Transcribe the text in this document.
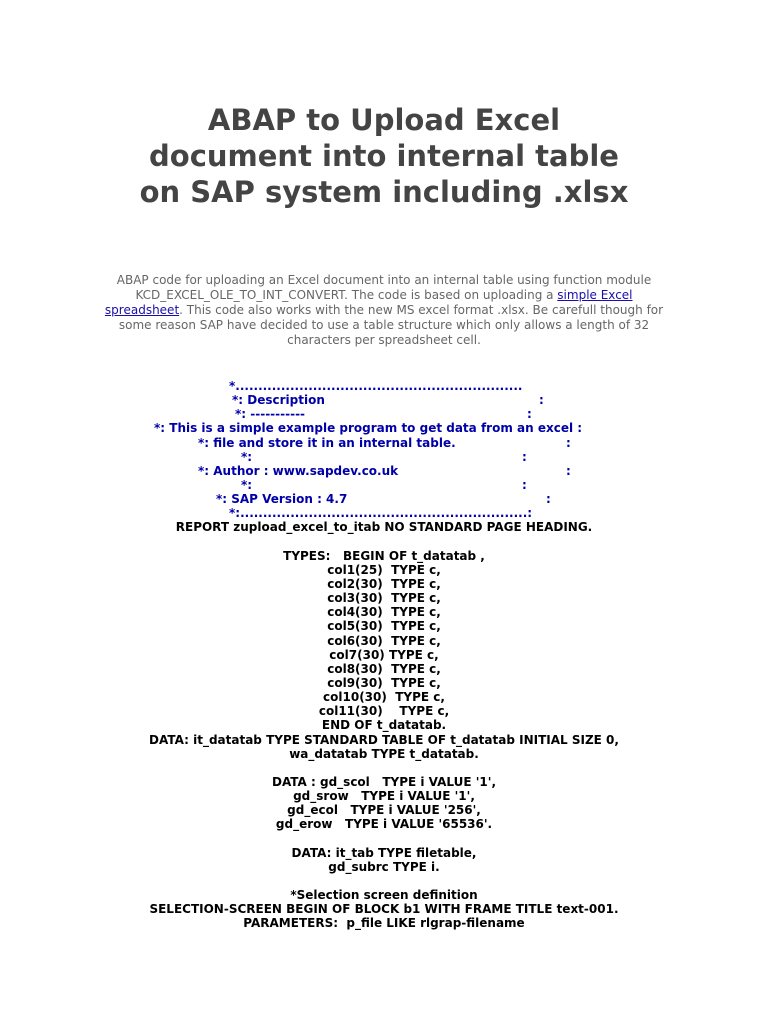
ABAP to Upload Excel
document into internal table
on SAP system including .xlsx

ABAP code for uploading an Excel document into an internal table using function module KCD_EXCEL_OLE_TO_INT_CONVERT. The code is based on uploading a simple Excel spreadsheet. This code also works with the new MS excel format .xlsx. Be carefull though for some reason SAP have decided to use a table structure which only allows a length of 32 characters per spreadsheet cell.

*...............................................................
*: Description	:
*: -----------	:
*: This is a simple example program to get data from an excel :
*: file and store it in an internal table.	:
*:	:
*: Author : www.sapdev.co.uk	:
*:	:
*: SAP Version : 4.7	:
*:...............................................................:
REPORT zupload_excel_to_itab NO STANDARD PAGE HEADING.
TYPES:   BEGIN OF t_datatab ,
col1(25)  TYPE c,
col2(30)  TYPE c,
col3(30)  TYPE c,
col4(30)  TYPE c,
col5(30)  TYPE c,
col6(30)  TYPE c,
col7(30) TYPE c,
col8(30)  TYPE c,
col9(30)  TYPE c,
col10(30)  TYPE c,
col11(30)    TYPE c,
END OF t_datatab.
DATA: it_datatab TYPE STANDARD TABLE OF t_datatab INITIAL SIZE 0,
wa_datatab TYPE t_datatab.
DATA : gd_scol   TYPE i VALUE '1',
gd_srow   TYPE i VALUE '1',
gd_ecol   TYPE i VALUE '256',
gd_erow   TYPE i VALUE '65536'.
DATA: it_tab TYPE filetable,
gd_subrc TYPE i.
*Selection screen definition
SELECTION-SCREEN BEGIN OF BLOCK b1 WITH FRAME TITLE text-001.
PARAMETERS:  p_file LIKE rlgrap-filename
